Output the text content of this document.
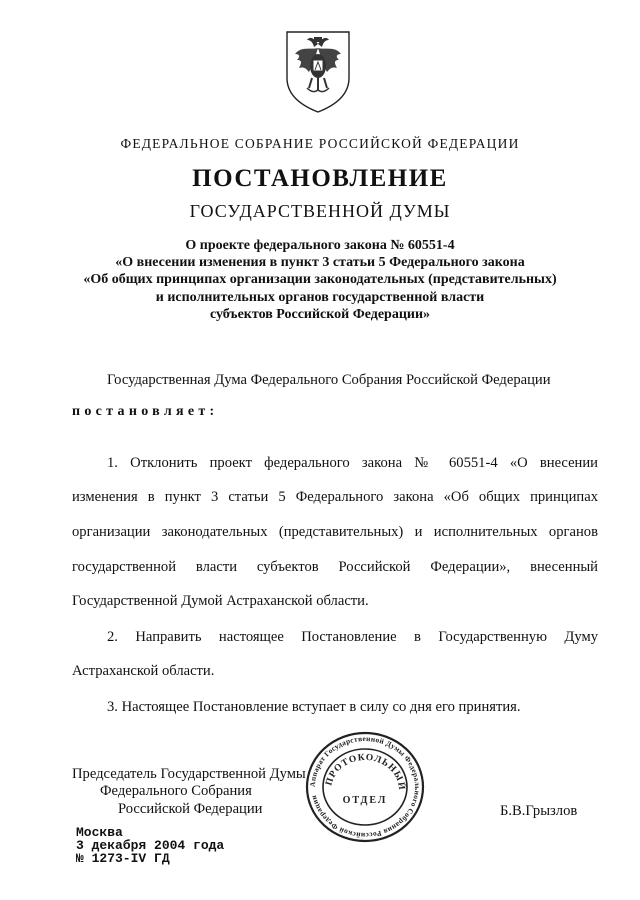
ФЕДЕРАЛЬНОЕ СОБРАНИЕ РОССИЙСКОЙ ФЕДЕРАЦИИ
ПОСТАНОВЛЕНИЕ
ГОСУДАРСТВЕННОЙ ДУМЫ
О проекте федерального закона № 60551-4
«О внесении изменения в пункт 3 статьи 5 Федерального закона
«Об общих принципах организации законодательных (представительных)
и исполнительных органов государственной власти
субъектов Российской Федерации»
Государственная Дума Федерального Собрания Российской Федерации
постановляет:
1. Отклонить проект федерального закона № 60551-4 «О внесении
изменения в пункт 3 статьи 5 Федерального закона «Об общих принципах
организации законодательных (представительных) и исполнительных органов
государственной власти субъектов Российской Федерации», внесенный
Государственной Думой Астраханской области.
2. Направить настоящее Постановление в Государственную Думу
Астраханской области.
3. Настоящее Постановление вступает в силу со дня его принятия.
Председатель Государственной Думы
Федерального Собрания
Российской Федерации	Б.В.Грызлов
Аппарат Государственной Думы Федерального Собрания Российской Федерации
ПРОТОКОЛЬНЫЙ
ОТДЕЛ
Москва
3 декабря 2004 года
№ 1273-IV ГД
